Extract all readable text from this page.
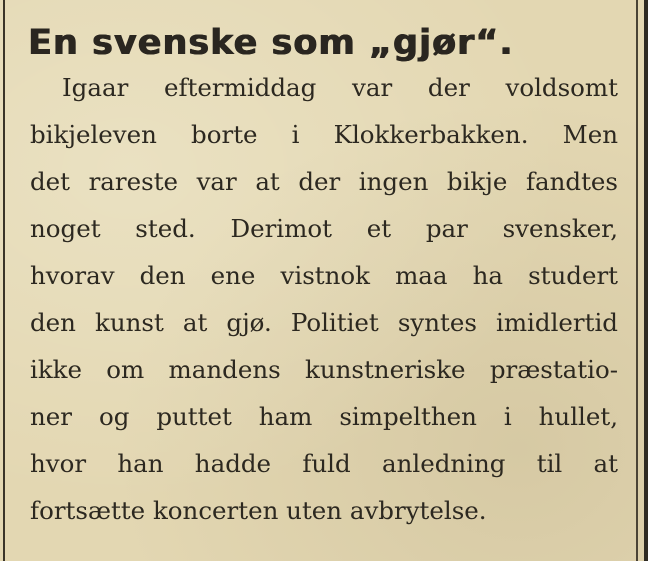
En svenske som „gjør“.

Igaar eftermiddag var der voldsomt

bikjeleven borte i Klokkerbakken. Men

det rareste var at der ingen bikje fandtes

noget sted. Derimot et par svensker,

hvorav den ene vistnok maa ha studert

den kunst at gjø. Politiet syntes imidlertid

ikke om mandens kunstneriske præstatio-

ner og puttet ham simpelthen i hullet,

hvor han hadde fuld anledning til at

fortsætte koncerten uten avbrytelse.
